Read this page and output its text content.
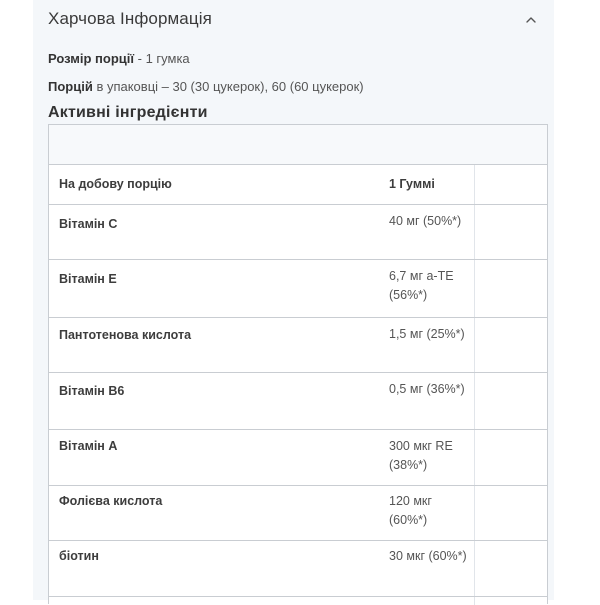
Харчова Інформація
Розмір порції - 1 гумка
Порцій в упаковці – 30 (30 цукерок), 60 (60 цукерок)
Активні інгредієнти
На добову порцію	1 Гуммі
Вітамін С	40 мг (50%*)
Вітамін Е	6,7 мг a-TE (56%*)
Пантотенова кислота	1,5 мг (25%*)
Вітамін В6	0,5 мг (36%*)
Вітамін А	300 мкг RE (38%*)
Фолієва кислота	120 мкг (60%*)
біотин	30 мкг (60%*)
